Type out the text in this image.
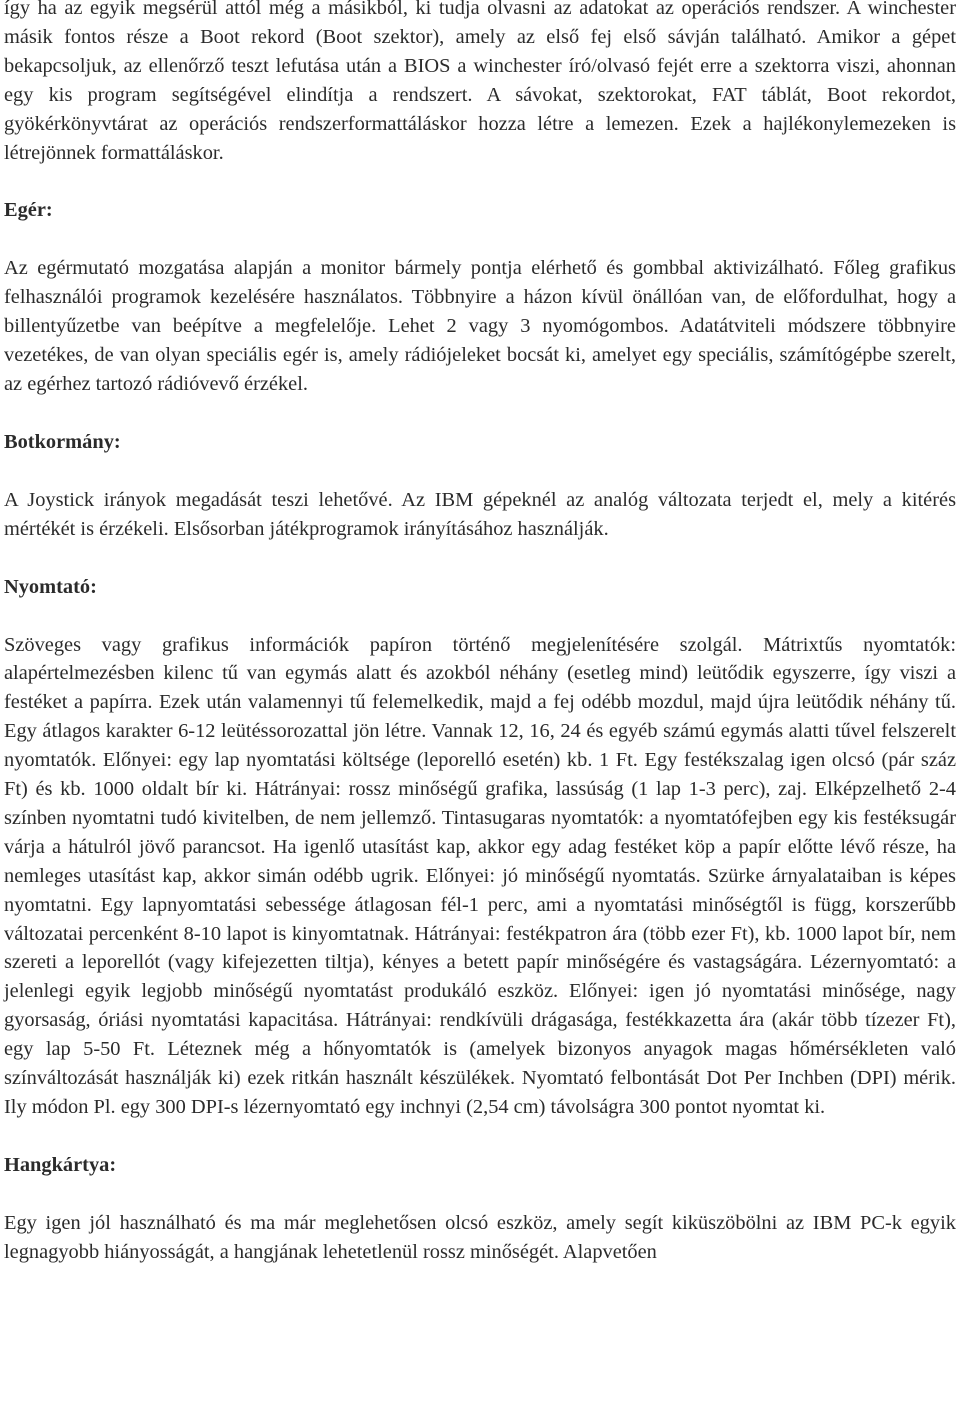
így ha az egyik megsérül attól még a másikból, ki tudja olvasni az adatokat az operációs rendszer. A winchester másik fontos része a Boot rekord (Boot szektor), amely az első fej első sávján található. Amikor a gépet bekapcsoljuk, az ellenőrző teszt lefutása után a BIOS a winchester író/olvasó fejét erre a szektorra viszi, ahonnan egy kis program segítségével elindítja a rendszert. A sávokat, szektorokat, FAT táblát, Boot rekordot, gyökérkönyvtárat az operációs rendszerformattáláskor hozza létre a lemezen. Ezek a hajlékonylemezeken is létrejönnek formattáláskor.

Egér:

Az egérmutató mozgatása alapján a monitor bármely pontja elérhető és gombbal aktivizálható. Főleg grafikus felhasználói programok kezelésére használatos. Többnyire a házon kívül önállóan van, de előfordulhat, hogy a billentyűzetbe van beépítve a megfelelője. Lehet 2 vagy 3 nyomógombos. Adatátviteli módszere többnyire vezetékes, de van olyan speciális egér is, amely rádiójeleket bocsát ki, amelyet egy speciális, számítógépbe szerelt, az egérhez tartozó rádióvevő érzékel.

Botkormány:

A Joystick irányok megadását teszi lehetővé. Az IBM gépeknél az analóg változata terjedt el, mely a kitérés mértékét is érzékeli. Elsősorban játékprogramok irányításához használják.

Nyomtató:

Szöveges vagy grafikus információk papíron történő megjelenítésére szolgál. Mátrixtűs nyomtatók: alapértelmezésben kilenc tű van egymás alatt és azokból néhány (esetleg mind) leütődik egyszerre, így viszi a festéket a papírra. Ezek után valamennyi tű felemelkedik, majd a fej odébb mozdul, majd újra leütődik néhány tű. Egy átlagos karakter 6-12 leütéssorozattal jön létre. Vannak 12, 16, 24 és egyéb számú egymás alatti tűvel felszerelt nyomtatók. Előnyei: egy lap nyomtatási költsége (leporelló esetén) kb. 1 Ft. Egy festékszalag igen olcsó (pár száz Ft) és kb. 1000 oldalt bír ki. Hátrányai: rossz minőségű grafika, lassúság (1 lap 1-3 perc), zaj. Elképzelhető 2-4 színben nyomtatni tudó kivitelben, de nem jellemző. Tintasugaras nyomtatók: a nyomtatófejben egy kis festéksugár várja a hátulról jövő parancsot. Ha igenlő utasítást kap, akkor egy adag festéket köp a papír előtte lévő része, ha nemleges utasítást kap, akkor simán odébb ugrik. Előnyei: jó minőségű nyomtatás. Szürke árnyalataiban is képes nyomtatni. Egy lapnyomtatási sebessége átlagosan fél-1 perc, ami a nyomtatási minőségtől is függ, korszerűbb változatai percenként 8-10 lapot is kinyomtatnak. Hátrányai: festékpatron ára (több ezer Ft), kb. 1000 lapot bír, nem szereti a leporellót (vagy kifejezetten tiltja), kényes a betett papír minőségére és vastagságára. Lézernyomtató: a jelenlegi egyik legjobb minőségű nyomtatást produkáló eszköz. Előnyei: igen jó nyomtatási minősége, nagy gyorsaság, óriási nyomtatási kapacitása. Hátrányai: rendkívüli drágasága, festékkazetta ára (akár több tízezer Ft), egy lap 5-50 Ft. Léteznek még a hőnyomtatók is (amelyek bizonyos anyagok magas hőmérsékleten való színváltozását használják ki) ezek ritkán használt készülékek. Nyomtató felbontását Dot Per Inchben (DPI) mérik. Ily módon Pl. egy 300 DPI-s lézernyomtató egy inchnyi (2,54 cm) távolságra 300 pontot nyomtat ki.

Hangkártya:

Egy igen jól használható és ma már meglehetősen olcsó eszköz, amely segít kiküszöbölni az IBM PC-k egyik legnagyobb hiányosságát, a hangjának lehetetlenül rossz minőségét. Alapvetően
